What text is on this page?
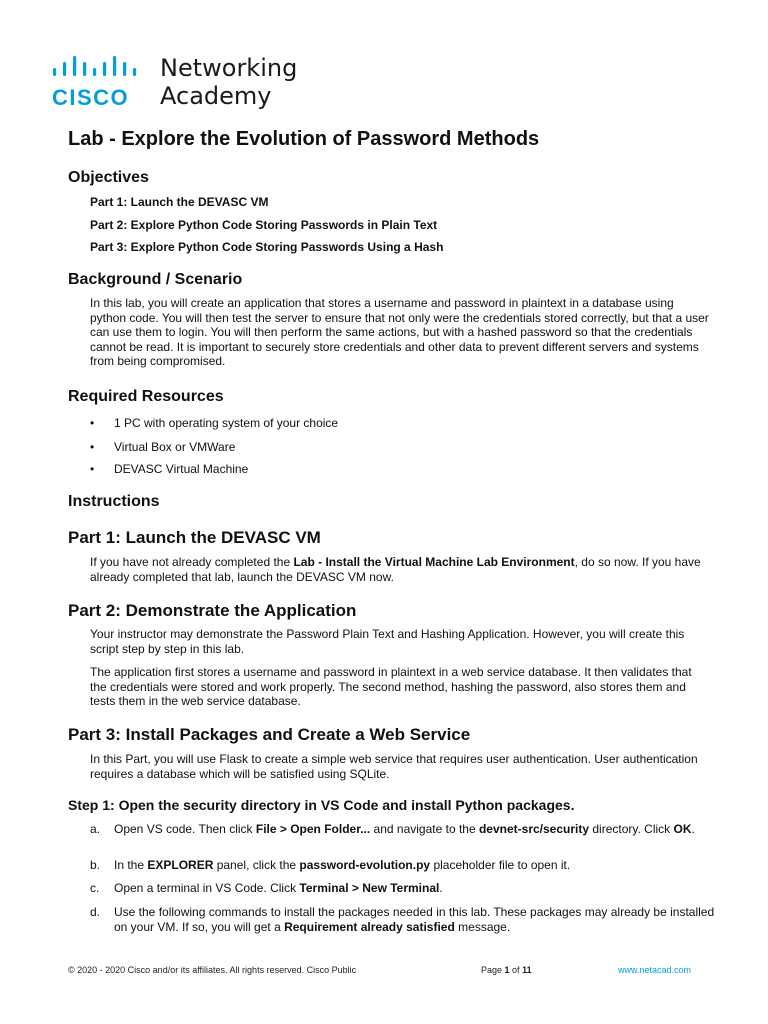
CISCO
Networking
Academy
Lab - Explore the Evolution of Password Methods
Objectives

Part 1: Launch the DEVASC VM

Part 2: Explore Python Code Storing Passwords in Plain Text

Part 3: Explore Python Code Storing Passwords Using a Hash

Background / Scenario

In this lab, you will create an application that stores a username and password in plaintext in a database using python code. You will then test the server to ensure that not only were the credentials stored correctly, but that a user can use them to login. You will then perform the same actions, but with a hashed password so that the credentials cannot be read. It is important to securely store credentials and other data to prevent different servers and systems from being compromised.

Required Resources

• 1 PC with operating system of your choice

• Virtual Box or VMWare

• DEVASC Virtual Machine

Instructions
Part 1: Launch the DEVASC VM

If you have not already completed the Lab - Install the Virtual Machine Lab Environment, do so now. If you have already completed that lab, launch the DEVASC VM now.

Part 2: Demonstrate the Application

Your instructor may demonstrate the Password Plain Text and Hashing Application. However, you will create this script step by step in this lab.

The application first stores a username and password in plaintext in a web service database. It then validates that the credentials were stored and work properly. The second method, hashing the password, also stores them and tests them in the web service database.

Part 3: Install Packages and Create a Web Service

In this Part, you will use Flask to create a simple web service that requires user authentication. User authentication requires a database which will be satisfied using SQLite.

Step 1: Open the security directory in VS Code and install Python packages.
a. Open VS code. Then click File > Open Folder... and navigate to the devnet-src/security directory. Click OK.
b. In the EXPLORER panel, click the password-evolution.py placeholder file to open it.
c. Open a terminal in VS Code. Click Terminal > New Terminal.
d. Use the following commands to install the packages needed in this lab. These packages may already be installed on your VM. If so, you will get a Requirement already satisfied message.
© 2020 - 2020 Cisco and/or its affiliates. All rights reserved. Cisco Public	Page 1 of 11	www.netacad.com
